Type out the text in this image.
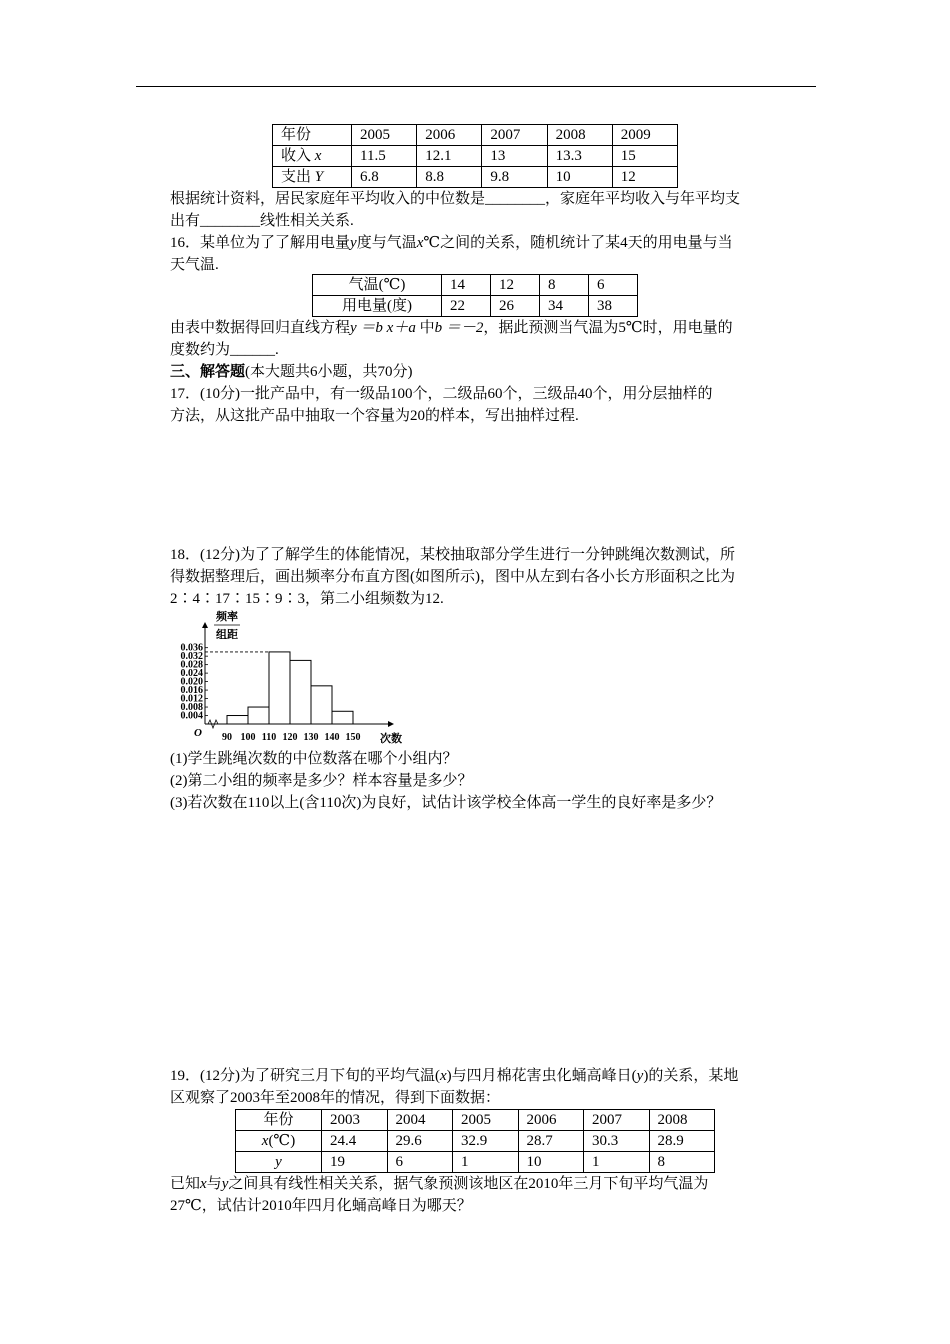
年份	2005	2006	2007	2008	2009
收入 x	11.5	12.1	13	13.3	15
支出 Y	6.8	8.8	9.8	10	12
根据统计资料，居民家庭年平均收入的中位数是________，家庭年平均收入与年平均支
出有________线性相关关系.
16．某单位为了了解用电量y度与气温x℃之间的关系，随机统计了某4天的用电量与当
天气温.
气温(℃)	14	12	8	6
用电量(度)	22	26	34	38
由表中数据得回归直线方程y ＝b x＋a 中b ＝－2，据此预测当气温为5℃时，用电量的
度数约为______.
三、解答题(本大题共6小题，共70分)
17．(10分)一批产品中，有一级品100个，二级品60个，三级品40个，用分层抽样的
方法，从这批产品中抽取一个容量为20的样本，写出抽样过程.
18．(12分)为了了解学生的体能情况，某校抽取部分学生进行一分钟跳绳次数测试，所
得数据整理后，画出频率分布直方图(如图所示)，图中从左到右各小长方形面积之比为
2∶4∶17∶15∶9∶3，第二小组频数为12.
频率
组距
次数
O
0.004
0.008
0.012
0.016
0.020
0.024
0.028
0.032
0.036
90 100 110 120 130 140 150
(1)学生跳绳次数的中位数落在哪个小组内？
(2)第二小组的频率是多少？样本容量是多少？
(3)若次数在110以上(含110次)为良好，试估计该学校全体高一学生的良好率是多少？
19．(12分)为了研究三月下旬的平均气温(x)与四月棉花害虫化蛹高峰日(y)的关系，某地
区观察了2003年至2008年的情况，得到下面数据：
年份	2003	2004	2005	2006	2007	2008
x(℃)	24.4	29.6	32.9	28.7	30.3	28.9
y	19	6	1	10	1	8
已知x与y之间具有线性相关关系，据气象预测该地区在2010年三月下旬平均气温为
27℃，试估计2010年四月化蛹高峰日为哪天？
